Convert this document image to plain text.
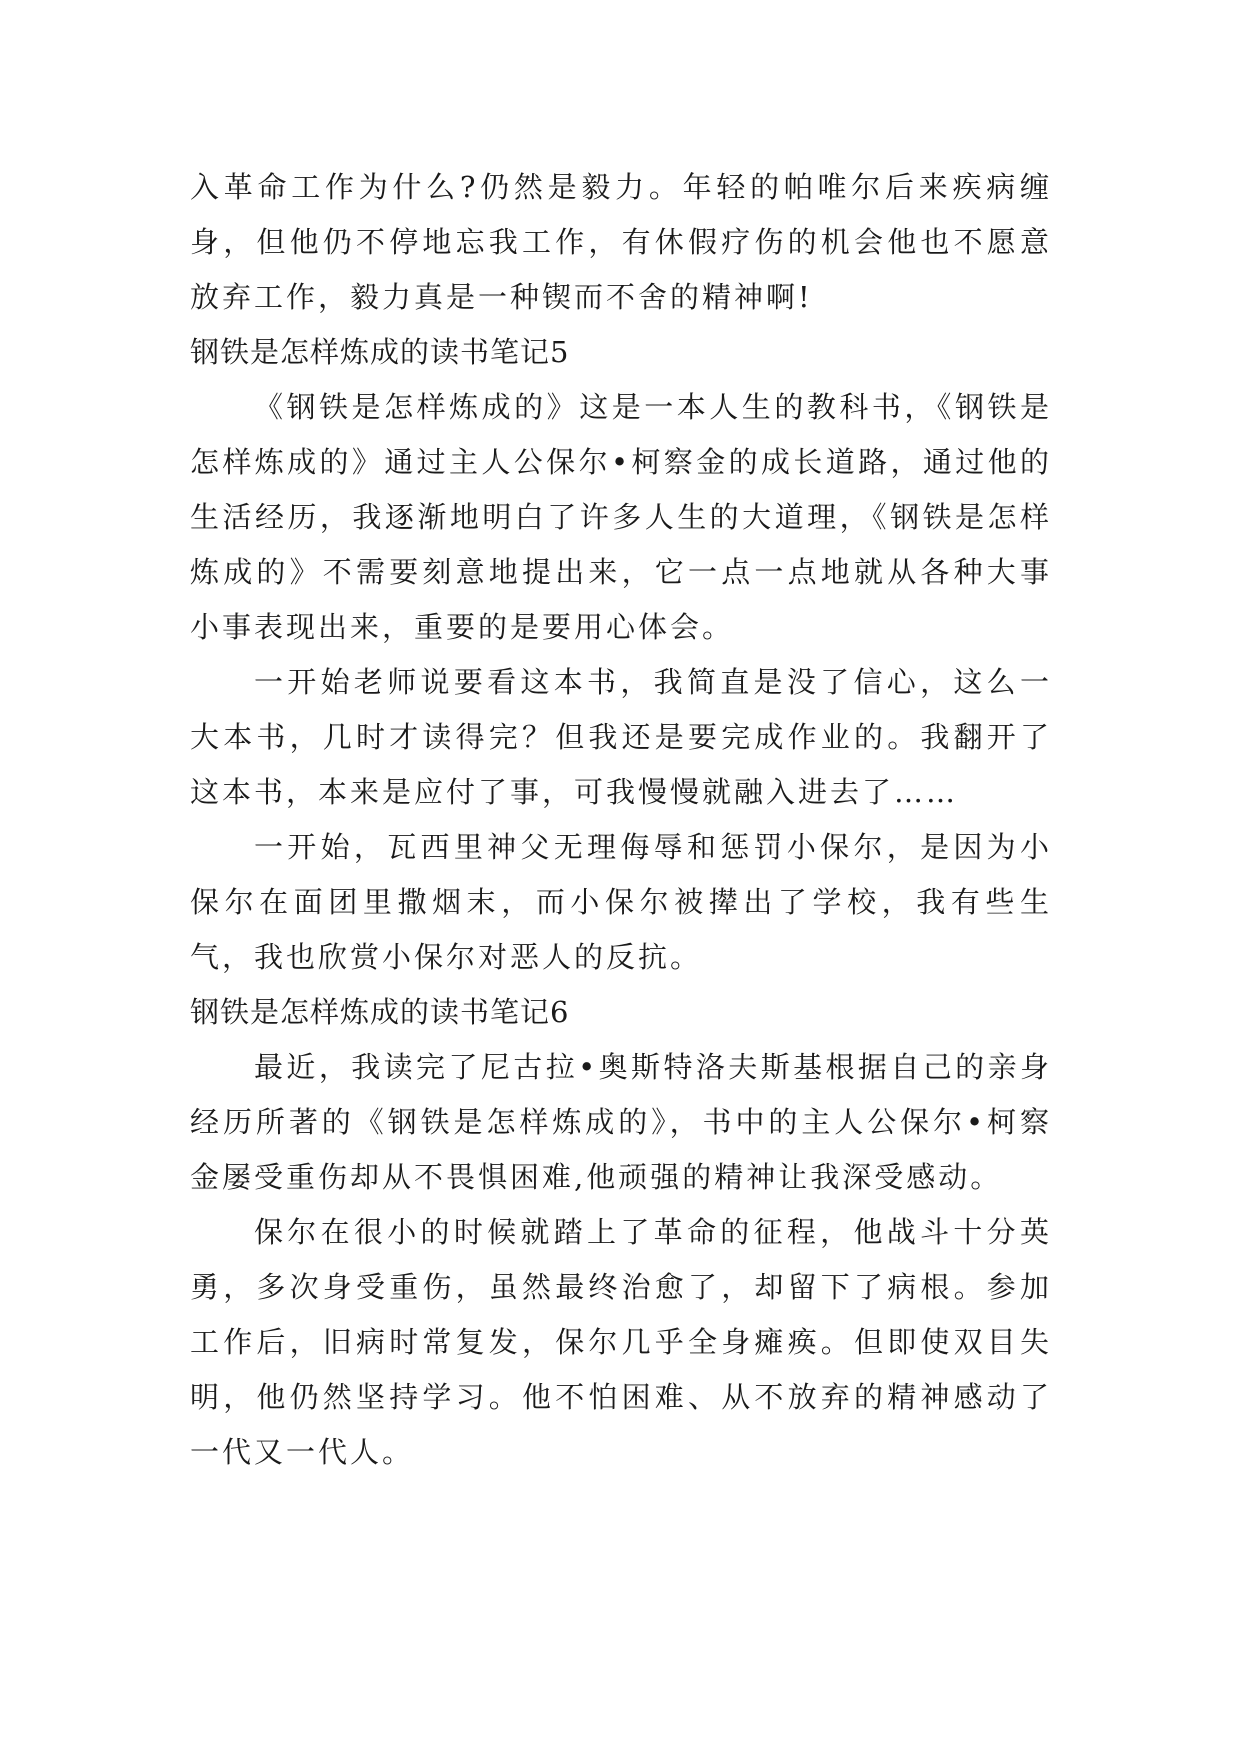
入革命工作为什么?仍然是毅力。年轻的帕唯尔后来疾病缠身，但他仍不停地忘我工作，有休假疗伤的机会他也不愿意放弃工作，毅力真是一种锲而不舍的精神啊!

钢铁是怎样炼成的读书笔记5

《钢铁是怎样炼成的》这是一本人生的教科书，《钢铁是怎样炼成的》通过主人公保尔•柯察金的成长道路，通过他的生活经历，我逐渐地明白了许多人生的大道理，《钢铁是怎样炼成的》不需要刻意地提出来，它一点一点地就从各种大事小事表现出来，重要的是要用心体会。

一开始老师说要看这本书，我简直是没了信心，这么一大本书，几时才读得完？但我还是要完成作业的。我翻开了这本书，本来是应付了事，可我慢慢就融入进去了……

一开始，瓦西里神父无理侮辱和惩罚小保尔，是因为小保尔在面团里撒烟末，而小保尔被撵出了学校，我有些生气，我也欣赏小保尔对恶人的反抗。

钢铁是怎样炼成的读书笔记6

最近，我读完了尼古拉•奥斯特洛夫斯基根据自己的亲身经历所著的《钢铁是怎样炼成的》，书中的主人公保尔•柯察金屡受重伤却从不畏惧困难,他顽强的精神让我深受感动。

保尔在很小的时候就踏上了革命的征程，他战斗十分英勇，多次身受重伤，虽然最终治愈了，却留下了病根。参加工作后，旧病时常复发，保尔几乎全身瘫痪。但即使双目失明，他仍然坚持学习。他不怕困难、从不放弃的精神感动了一代又一代人。
